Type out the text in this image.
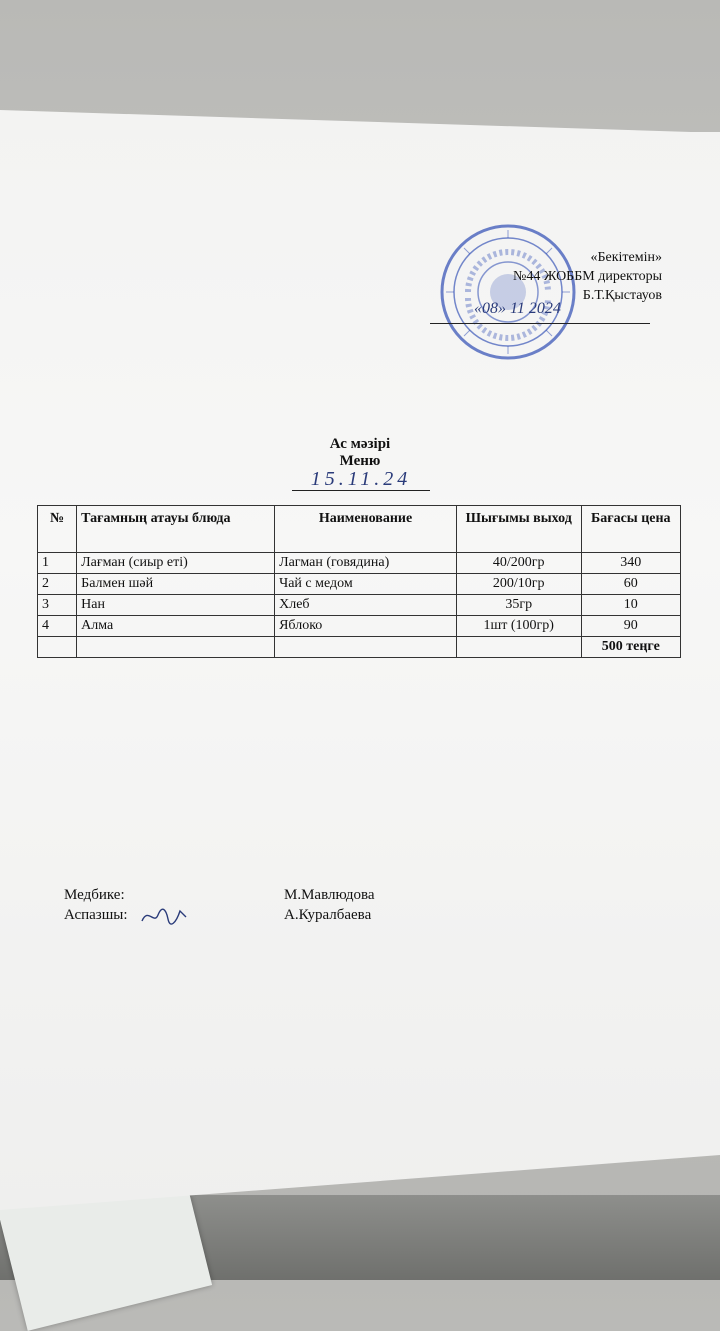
«Бекітемін»
№44 ЖОББМ директоры
Б.Т.Қыстауов
«08» 11 2024
Ас мәзірі
Меню
15.11.24
№	Тағамның атауы блюда	Наименование	Шығымы выход	Бағасы цена
1	Лағман (сиыр еті)	Лагман (говядина)	40/200гр	340
2	Балмен шәй	Чай с медом	200/10гр	60
3	Нан	Хлеб	35гр	10
4	Алма	Яблоко	1шт (100гр)	90
				500 теңге
Медбике:
Аспазшы:
М.Мавлюдова
А.Куралбаева
